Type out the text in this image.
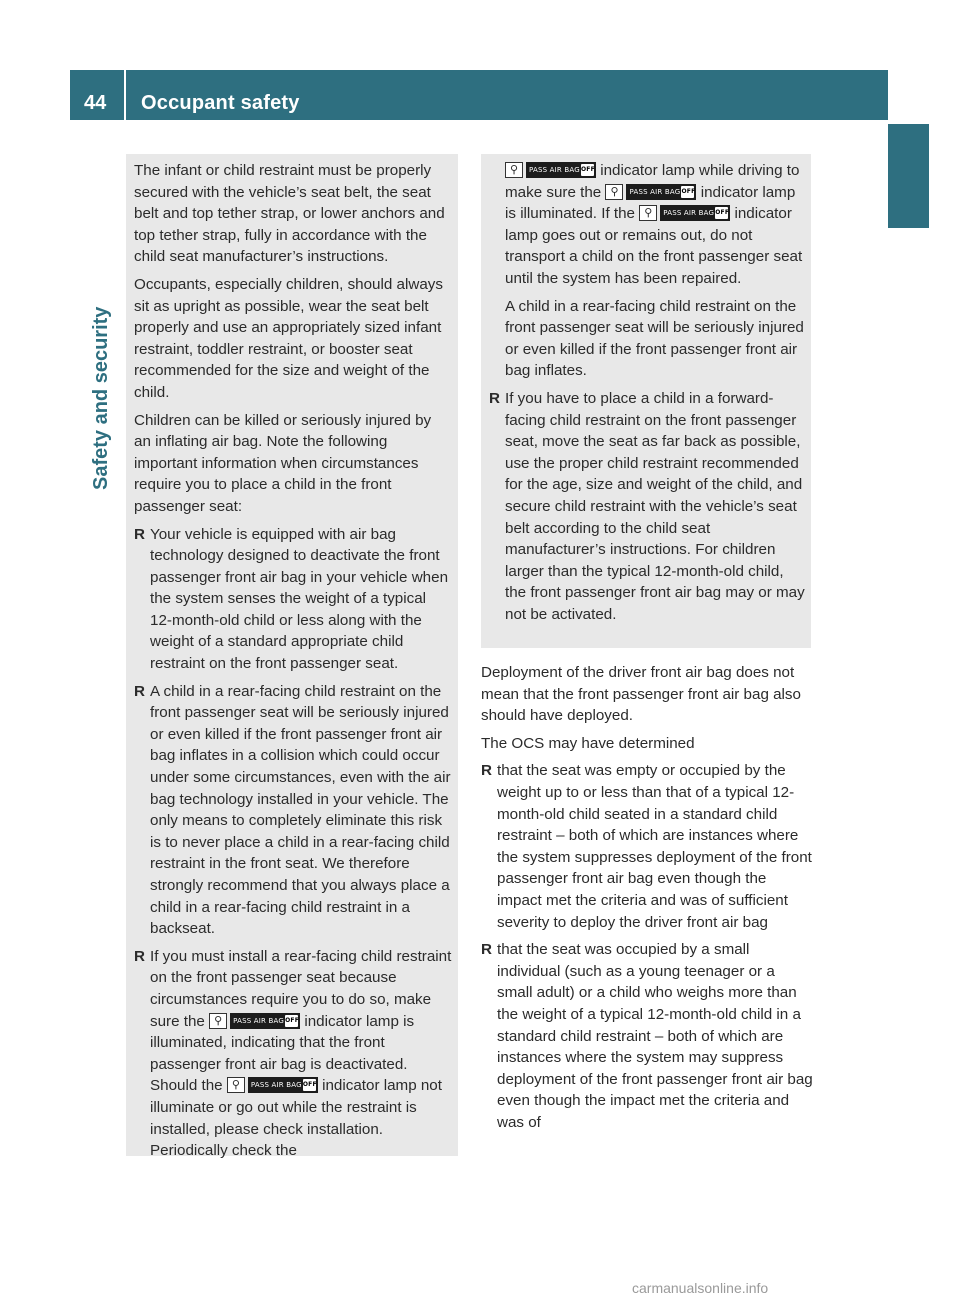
44 Occupant safety
Safety and security

The infant or child restraint must be properly secured with the vehicle’s seat belt, the seat belt and top tether strap, or lower anchors and top tether strap, fully in accordance with the child seat manufacturer’s instructions.

Occupants, especially children, should always sit as upright as possible, wear the seat belt properly and use an appropriately sized infant restraint, toddler restraint, or booster seat recommended for the size and weight of the child.

Children can be killed or seriously injured by an inflating air bag. Note the following important information when circumstances require you to place a child in the front passenger seat:

R Your vehicle is equipped with air bag technology designed to deactivate the front passenger front air bag in your vehicle when the system senses the weight of a typical 12-month-old child or less along with the weight of a standard appropriate child restraint on the front passenger seat.
R A child in a rear-facing child restraint on the front passenger seat will be seriously injured or even killed if the front passenger front air bag inflates in a collision which could occur under some circumstances, even with the air bag technology installed in your vehicle. The only means to completely eliminate this risk is to never place a child in a rear-facing child restraint in the front seat. We therefore strongly recommend that you always place a child in a rear-facing child restraint in a backseat.
R If you must install a rear-facing child restraint on the front passenger seat because circumstances require you to do so, make sure the ⚲ PASS AIR BAG OFF indicator lamp is illuminated, indicating that the front passenger front air bag is deactivated. Should the ⚲ PASS AIR BAG OFF indicator lamp not illuminate or go out while the restraint is installed, please check installation. Periodically check the
⚲ PASS AIR BAG OFF indicator lamp while driving to make sure the ⚲ PASS AIR BAG OFF indicator lamp is illuminated. If the ⚲ PASS AIR BAG OFF indicator lamp goes out or remains out, do not transport a child on the front passenger seat until the system has been repaired.
A child in a rear-facing child restraint on the front passenger seat will be seriously injured or even killed if the front passenger front air bag inflates.
R If you have to place a child in a forward-facing child restraint on the front passenger seat, move the seat as far back as possible, use the proper child restraint recommended for the age, size and weight of the child, and secure child restraint with the vehicle’s seat belt according to the child seat manufacturer’s instructions. For children larger than the typical 12-month-old child, the front passenger front air bag may or may not be activated.

Deployment of the driver front air bag does not mean that the front passenger front air bag also should have deployed.

The OCS may have determined

R that the seat was empty or occupied by the weight up to or less than that of a typical 12-month-old child seated in a standard child restraint – both of which are instances where the system suppresses deployment of the front passenger front air bag even though the impact met the criteria and was of sufficient severity to deploy the driver front air bag
R that the seat was occupied by a small individual (such as a young teenager or a small adult) or a child who weighs more than the weight of a typical 12-month-old child in a standard child restraint – both of which are instances where the system may suppress deployment of the front passenger front air bag even though the impact met the criteria and was of
carmanualsonline.info
